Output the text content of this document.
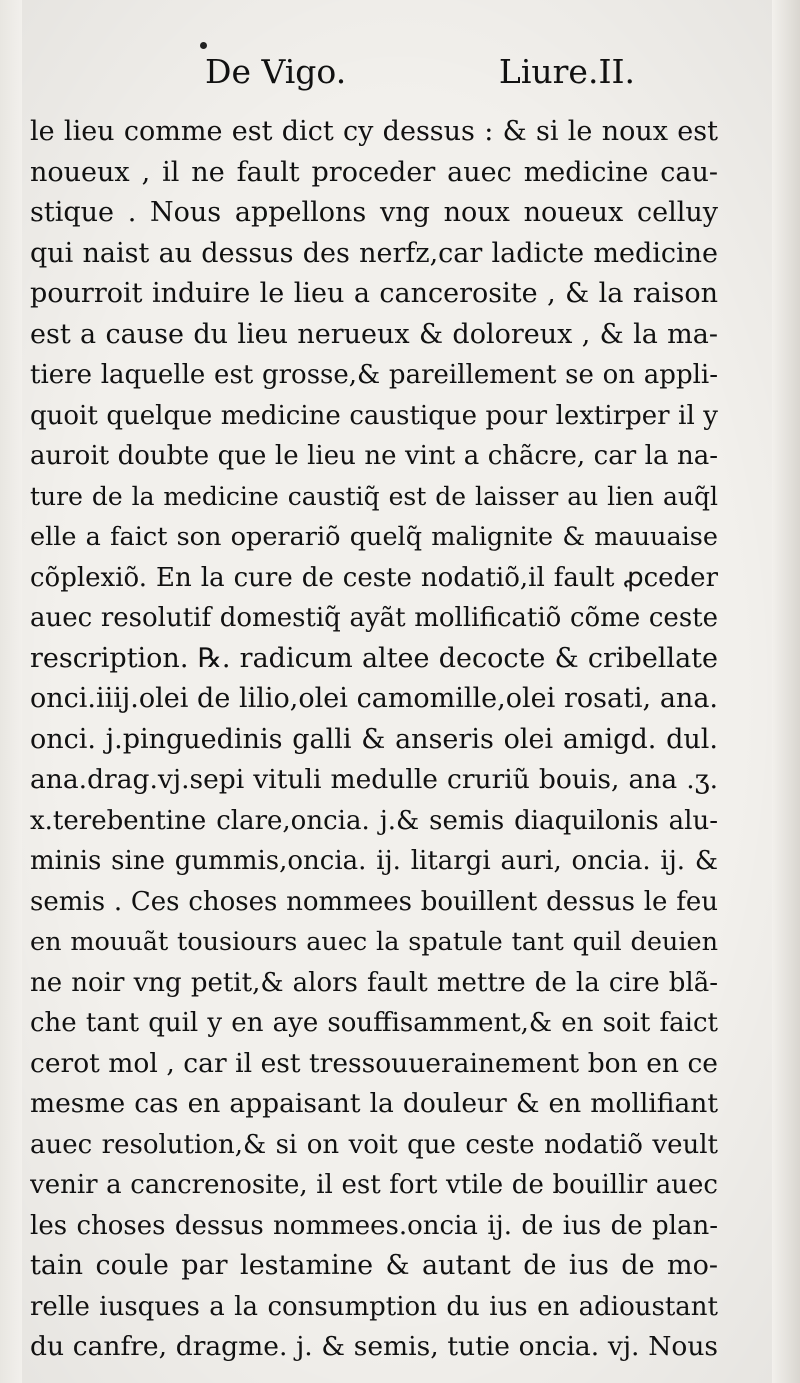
De Vigo.	Liure.II.
le lieu comme est dict cy dessus : & si le noux est
noueux , il ne fault proceder auec medicine cau-
stique . Nous appellons vng noux noueux celluy
qui naist au dessus des nerfz,car ladicte medicine
pourroit induire le lieu a cancerosite , & la raison
est a cause du lieu nerueux & doloreux , & la ma-
tiere laquelle est grosse,& pareillement se on appli-
quoit quelque medicine caustique pour lextirper il y
auroit doubte que le lieu ne vint a chãcre, car la na-
ture de la medicine caustiq̃ est de laisser au lien auq̃l
elle a faict son operariõ quelq̃ malignite & mauuaise
cõplexiõ. En la cure de ceste nodatiõ,il fault ꝓceder
auec resolutif domestiq̃ ayãt mollificatiõ cõme ceste
rescription. ℞. radicum altee decocte & cribellate
onci.iiij.olei de lilio,olei camomille,olei rosati, ana.
onci. j.pinguedinis galli & anseris olei amigd. dul.
ana.drag.vj.sepi vituli medulle cruriũ bouis, ana .ʒ.
x.terebentine clare,oncia. j.& semis diaquilonis alu-
minis sine gummis,oncia. ij. litargi auri, oncia. ij. &
semis . Ces choses nommees bouillent dessus le feu
en mouuãt tousiours auec la spatule tant quil deuien
ne noir vng petit,& alors fault mettre de la cire blã-
che tant quil y en aye souffisamment,& en soit faict
cerot mol , car il est tressouuerainement bon en ce
mesme cas en appaisant la douleur & en mollifiant
auec resolution,& si on voit que ceste nodatiõ veult
venir a cancrenosite, il est fort vtile de bouillir auec
les choses dessus nommees.oncia ij. de ius de plan-
tain coule par lestamine & autant de ius de mo-
relle iusques a la consumption du ius en adioustant
du canfre, dragme. j. & semis, tutie oncia. vj. Nous
